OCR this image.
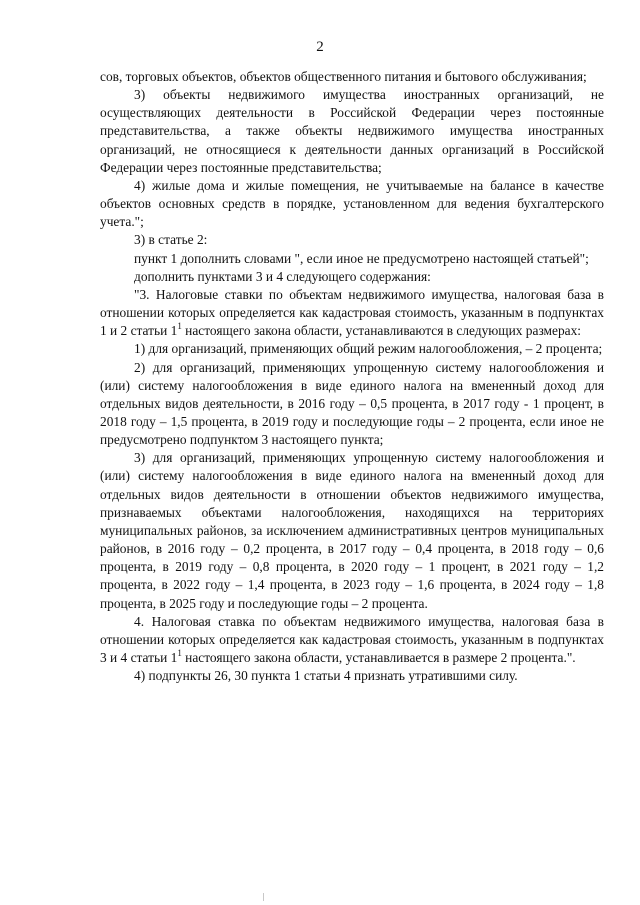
2

сов, торговых объектов, объектов общественного питания и бытового обслуживания;

3) объекты недвижимого имущества иностранных организаций, не осуществляющих деятельности в Российской Федерации через постоянные представительства, а также объекты недвижимого имущества иностранных организаций, не относящиеся к деятельности данных организаций в Российской Федерации через постоянные представительства;

4) жилые дома и жилые помещения, не учитываемые на балансе в качестве объектов основных средств в порядке, установленном для ведения бухгалтерского учета.";

3) в статье 2:

пункт 1 дополнить словами ", если иное не предусмотрено настоящей статьей";

дополнить пунктами 3 и 4 следующего содержания:

"3. Налоговые ставки по объектам недвижимого имущества, налоговая база в отношении которых определяется как кадастровая стоимость, указанным в подпунктах 1 и 2 статьи $1^1$ настоящего закона области, устанавливаются в следующих размерах:

1) для организаций, применяющих общий режим налогообложения, – 2 процента;

2) для организаций, применяющих упрощенную систему налогообложения и (или) систему налогообложения в виде единого налога на вмененный доход для отдельных видов деятельности, в 2016 году – 0,5 процента, в 2017 году - 1 процент, в 2018 году – 1,5 процента, в 2019 году и последующие годы – 2 процента, если иное не предусмотрено подпунктом 3 настоящего пункта;

3) для организаций, применяющих упрощенную систему налогообложения и (или) систему налогообложения в виде единого налога на вмененный доход для отдельных видов деятельности в отношении объектов недвижимого имущества, признаваемых объектами налогообложения, находящихся на территориях муниципальных районов, за исключением административных центров муниципальных районов, в 2016 году – 0,2 процента, в 2017 году – 0,4 процента, в 2018 году – 0,6 процента, в 2019 году – 0,8 процента, в 2020 году – 1 процент, в 2021 году – 1,2 процента, в 2022 году – 1,4 процента, в 2023 году – 1,6 процента, в 2024 году – 1,8 процента, в 2025 году и последующие годы – 2 процента.

4. Налоговая ставка по объектам недвижимого имущества, налоговая база в отношении которых определяется как кадастровая стоимость, указанным в подпунктах 3 и 4 статьи $1^1$ настоящего закона области, устанавливается в размере 2 процента.".

4) подпункты 26, 30 пункта 1 статьи 4 признать утратившими силу.
